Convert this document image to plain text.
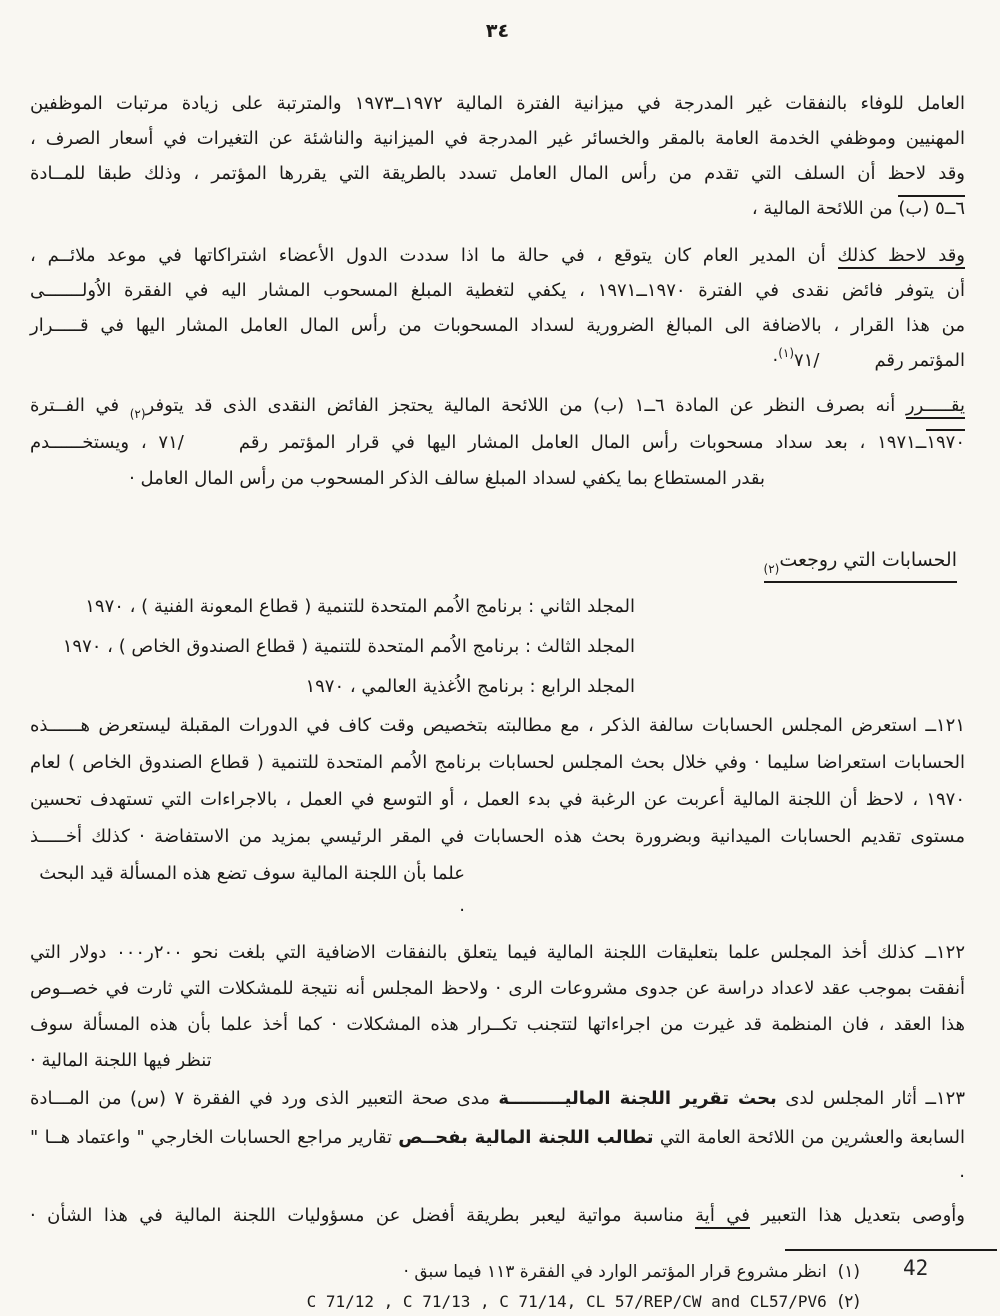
٣٤
العامل للوفاء بالنفقات غير المدرجة في ميزانية الفترة المالية ١٩٧٢ــ١٩٧٣ والمترتبة على زيادة مرتبات الموظفين
المهنيين وموظفي الخدمة العامة بالمقر والخسائر غير المدرجة في الميزانية والناشئة عن التغيرات في أسعار الصرف ،
وقد لاحظ أن السلف التي تقدم من رأس المال العامل تسدد بالطريقة التي يقررها المؤتمر ، وذلك طبقا للمــادة
٦ــ٥ (ب) من اللائحة المالية ،
وقد لاحظ كذلك أن المدير العام كان يتوقع ، في حالة ما اذا سددت الدول الأعضاء اشتراكاتها في موعد ملائــم ،
أن يتوفر فائض نقدى في الفترة ١٩٧٠ــ١٩٧١ ، يكفي لتغطية المبلغ المسحوب المشار اليه في الفقرة الاُولـــــــى
من هذا القرار ، بالاضافة الى المبالغ الضرورية لسداد المسحوبات من رأس المال العامل المشار اليها في قـــــرار
المؤتمر رقم/$٧١^{(١)}\cdot$
يقـــــرر أنه بصرف النظر عن المادة ٦ــ١ (ب) من اللائحة المالية يحتجز الفائض النقدى الذى قد يتوفر$_{(٢)}$ في الفــترة
١٩٧٠ــ١٩٧١ ، بعد سداد مسحوبات رأس المال العامل المشار اليها في قرار المؤتمر رقم/٧١ ، ويستخــــــدم
بقدر المستطاع بما يكفي لسداد المبلغ سالف الذكر المسحوب من رأس المال العامل ·
الحسابات التي روجعت$_{(٢)}$
المجلد الثاني : برنامج الاُمم المتحدة للتنمية ( قطاع المعونة الفنية ) ، ١٩٧٠
المجلد الثالث : برنامج الاُمم المتحدة للتنمية ( قطاع الصندوق الخاص ) ، ١٩٧٠
المجلد الرابع : برنامج الاُغذية العالمي ، ١٩٧٠
١٢١ــ استعرض المجلس الحسابات سالفة الذكر ، مع مطالبته بتخصيص وقت كاف في الدورات المقبلة ليستعرض هــــــذه
الحسابات استعراضا سليما · وفي خلال بحث المجلس لحسابات برنامج الاُمم المتحدة للتنمية ( قطاع الصندوق الخاص ) لعام
١٩٧٠ ، لاحظ أن اللجنة المالية أعربت عن الرغبة في بدء العمل ، أو التوسع في العمل ، بالاجراءات التي تستهدف تحسين
مستوى تقديم الحسابات الميدانية وبضرورة بحث هذه الحسابات في المقر الرئيسي بمزيد من الاستفاضة · كذلك أخـــــذ
علما بأن اللجنة المالية سوف تضع هذه المسألة قيد البحث ·
١٢٢ــ كذلك أخذ المجلس علما بتعليقات اللجنة المالية فيما يتعلق بالنفقات الاضافية التي بلغت نحو ٢٠٠ر٠٠٠ دولار التي
أنفقت بموجب عقد لاعداد دراسة عن جدوى مشروعات الرى · ولاحظ المجلس أنه نتيجة للمشكلات التي ثارت في خصــوص
هذا العقد ، فان المنظمة قد غيرت من اجراءاتها لتتجنب تكــرار هذه المشكلات · كما أخذ علما بأن هذه المسألة سوف
تنظر فيها اللجنة المالية ·
١٢٣ــ أثار المجلس لدى بحث تقرير اللجنة الماليـــــــــة مدى صحة التعبير الذى ورد في الفقرة ٧ (س) من المـــادة
السابعة والعشرين من اللائحة العامة التي تطالب اللجنة المالية بفحــص تقارير مراجع الحسابات الخارجي " واعتماد هــا " ·
وأوصى بتعديل هذا التعبير في أية مناسبة مواتية ليعبر بطريقة أفضل عن مسؤوليات اللجنة المالية في هذا الشأن ·
(١)  انظر مشروع قرار المؤتمر الوارد في الفقرة ١١٣ فيما سبق ·
(٢)  C 71/12 , C 71/13 , C 71/14, CL 57/REP/CW and CL57/PV6
42
